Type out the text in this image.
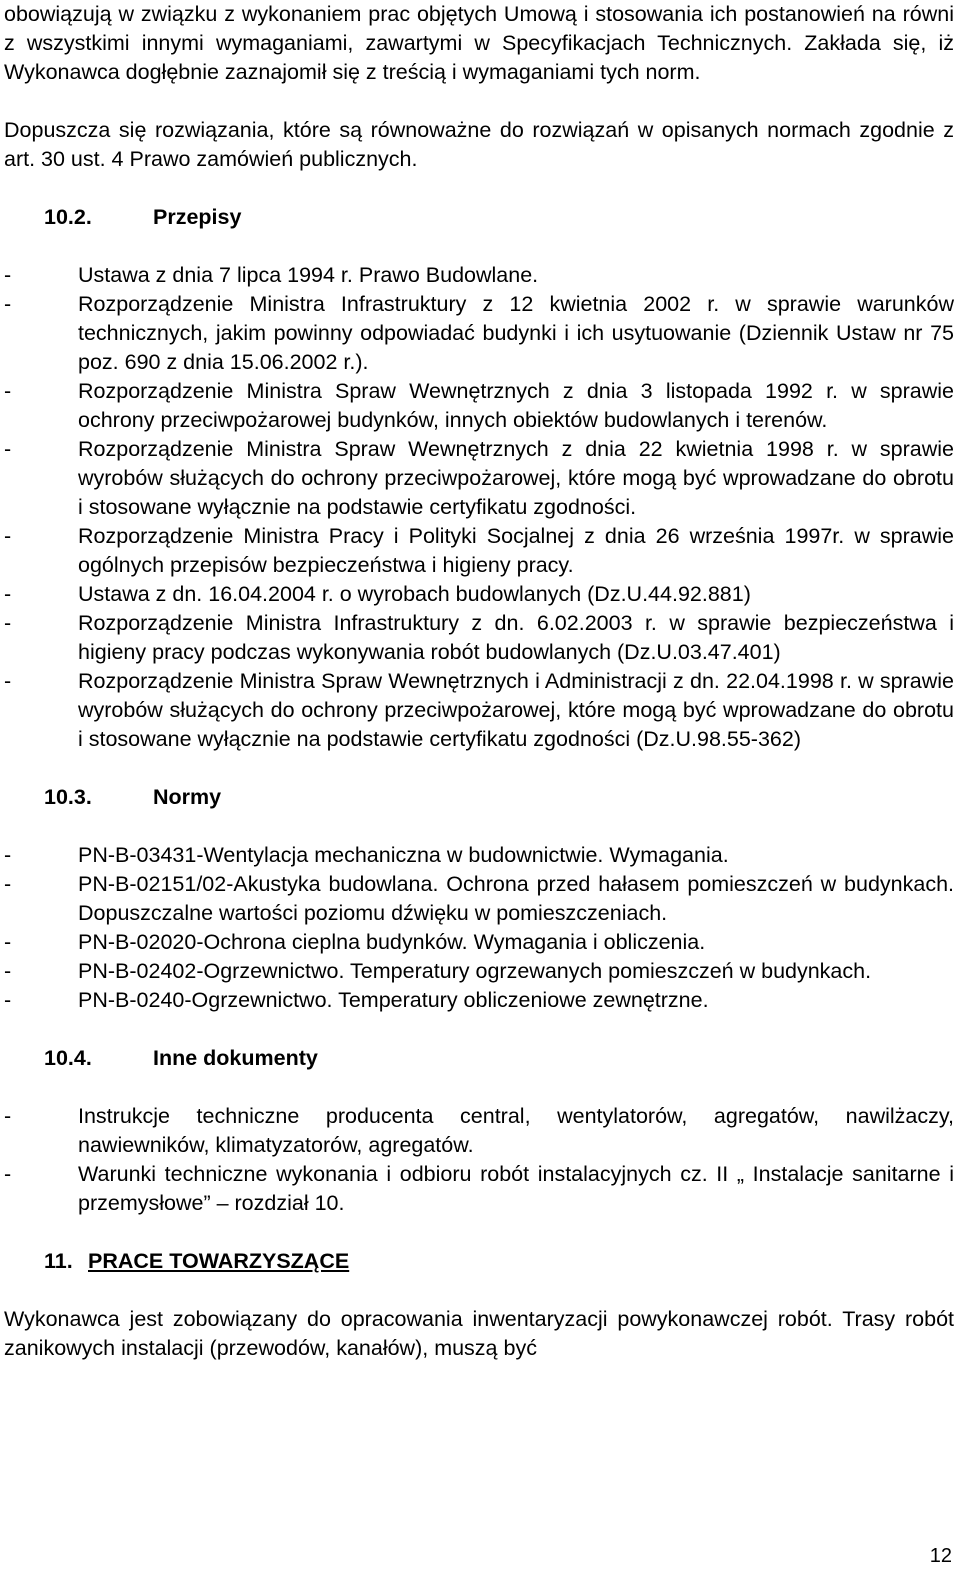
obowiązują w związku z wykonaniem prac objętych Umową i stosowania ich postanowień na równi z wszystkimi innymi wymaganiami, zawartymi w Specyfikacjach Technicznych. Zakłada się, iż Wykonawca dogłębnie zaznajomił się z treścią i wymaganiami tych norm.

Dopuszcza się rozwiązania, które są równoważne do rozwiązań w opisanych normach zgodnie z art. 30 ust. 4 Prawo zamówień publicznych.

10.2.	Przepisy
- Ustawa z dnia 7 lipca 1994 r. Prawo Budowlane.
- Rozporządzenie Ministra Infrastruktury z 12 kwietnia 2002 r. w sprawie warunków technicznych, jakim powinny odpowiadać budynki i ich usytuowanie (Dziennik Ustaw nr 75 poz. 690 z dnia 15.06.2002 r.).
- Rozporządzenie Ministra Spraw Wewnętrznych z dnia 3 listopada 1992 r. w sprawie ochrony przeciwpożarowej budynków, innych obiektów budowlanych i terenów.
- Rozporządzenie Ministra Spraw Wewnętrznych z dnia 22 kwietnia 1998 r. w sprawie wyrobów służących do ochrony przeciwpożarowej, które mogą być wprowadzane do obrotu i stosowane wyłącznie na podstawie certyfikatu zgodności.
- Rozporządzenie Ministra Pracy i Polityki Socjalnej z dnia 26 września 1997r. w sprawie ogólnych przepisów bezpieczeństwa i higieny pracy.
- Ustawa z dn. 16.04.2004 r. o wyrobach budowlanych (Dz.U.44.92.881)
- Rozporządzenie Ministra Infrastruktury z dn. 6.02.2003 r. w sprawie bezpieczeństwa i higieny pracy podczas wykonywania robót budowlanych (Dz.U.03.47.401)
- Rozporządzenie Ministra Spraw Wewnętrznych i Administracji z dn. 22.04.1998 r. w sprawie wyrobów służących do ochrony przeciwpożarowej, które mogą być wprowadzane do obrotu i stosowane wyłącznie na podstawie certyfikatu zgodności (Dz.U.98.55-362)
10.3.	Normy
- PN-B-03431-Wentylacja mechaniczna w budownictwie. Wymagania.
- PN-B-02151/02-Akustyka budowlana. Ochrona przed hałasem pomieszczeń w budynkach. Dopuszczalne wartości poziomu dźwięku w pomieszczeniach.
- PN-B-02020-Ochrona cieplna budynków. Wymagania i obliczenia.
- PN-B-02402-Ogrzewnictwo. Temperatury ogrzewanych pomieszczeń w budynkach.
- PN-B-0240-Ogrzewnictwo. Temperatury obliczeniowe zewnętrzne.
10.4.	Inne dokumenty
- Instrukcje techniczne producenta central, wentylatorów, agregatów, nawilżaczy, nawiewników, klimatyzatorów, agregatów.
- Warunki techniczne wykonania i odbioru robót instalacyjnych cz. II „ Instalacje sanitarne i przemysłowe” – rozdział 10.
11. PRACE TOWARZYSZĄCE

Wykonawca jest zobowiązany do opracowania inwentaryzacji powykonawczej robót. Trasy robót zanikowych instalacji (przewodów, kanałów), muszą być

12
